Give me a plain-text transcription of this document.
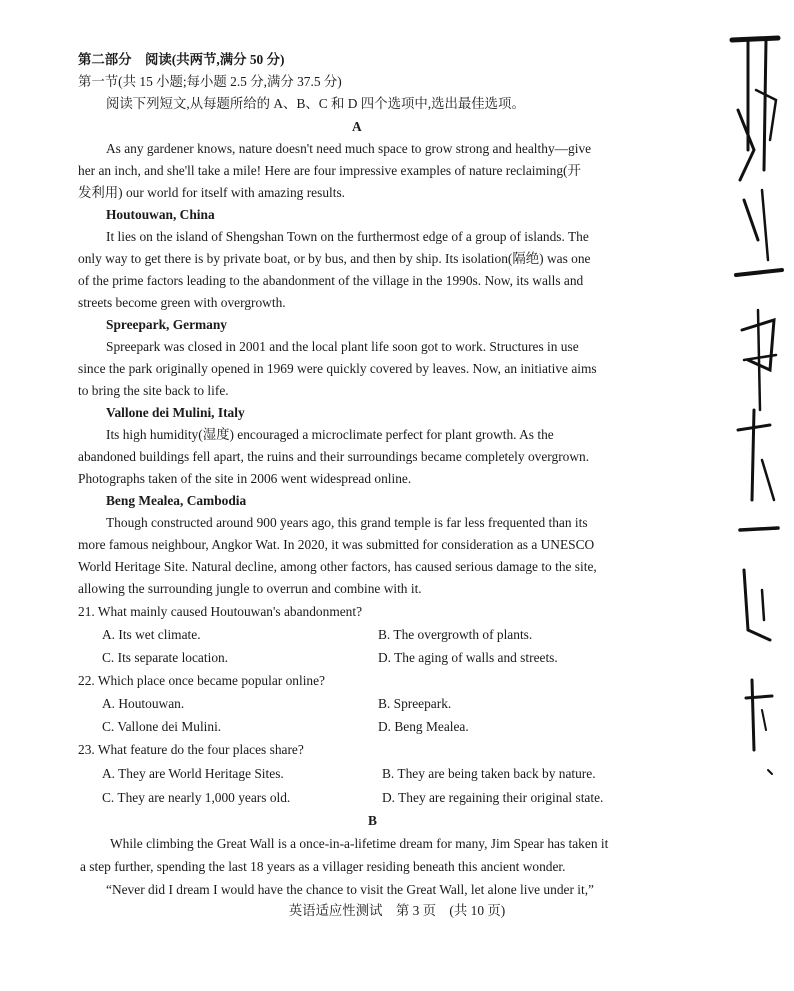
第二部分　阅读(共两节,满分 50 分)
第一节(共 15 小题;每小题 2.5 分,满分 37.5 分)
阅读下列短文,从每题所给的 A、B、C 和 D 四个选项中,选出最佳选项。
A
As any gardener knows, nature doesn't need much space to grow strong and healthy—give
her an inch, and she'll take a mile! Here are four impressive examples of nature reclaiming(开
发利用) our world for itself with amazing results.
Houtouwan, China
It lies on the island of Shengshan Town on the furthermost edge of a group of islands. The
only way to get there is by private boat, or by bus, and then by ship. Its isolation(隔绝) was one
of the prime factors leading to the abandonment of the village in the 1990s. Now, its walls and
streets become green with overgrowth.
Spreepark, Germany
Spreepark was closed in 2001 and the local plant life soon got to work. Structures in use
since the park originally opened in 1969 were quickly covered by leaves. Now, an initiative aims
to bring the site back to life.
Vallone dei Mulini, Italy
Its high humidity(湿度) encouraged a microclimate perfect for plant growth. As the
abandoned buildings fell apart, the ruins and their surroundings became completely overgrown.
Photographs taken of the site in 2006 went widespread online.
Beng Mealea, Cambodia
Though constructed around 900 years ago, this grand temple is far less frequented than its
more famous neighbour, Angkor Wat. In 2020, it was submitted for consideration as a UNESCO
World Heritage Site. Natural decline, among other factors, has caused serious damage to the site,
allowing the surrounding jungle to overrun and combine with it.
21. What mainly caused Houtouwan's abandonment?
A. Its wet climate.	B. The overgrowth of plants.
C. Its separate location.	D. The aging of walls and streets.
22. Which place once became popular online?
A. Houtouwan.	B. Spreepark.
C. Vallone dei Mulini.	D. Beng Mealea.
23. What feature do the four places share?
A. They are World Heritage Sites.	B. They are being taken back by nature.
C. They are nearly 1,000 years old.	D. They are regaining their original state.
B
While climbing the Great Wall is a once-in-a-lifetime dream for many, Jim Spear has taken it
a step further, spending the last 18 years as a villager residing beneath this ancient wonder.
“Never did I dream I would have the chance to visit the Great Wall, let alone live under it,”
英语适应性测试　第 3 页　(共 10 页)
